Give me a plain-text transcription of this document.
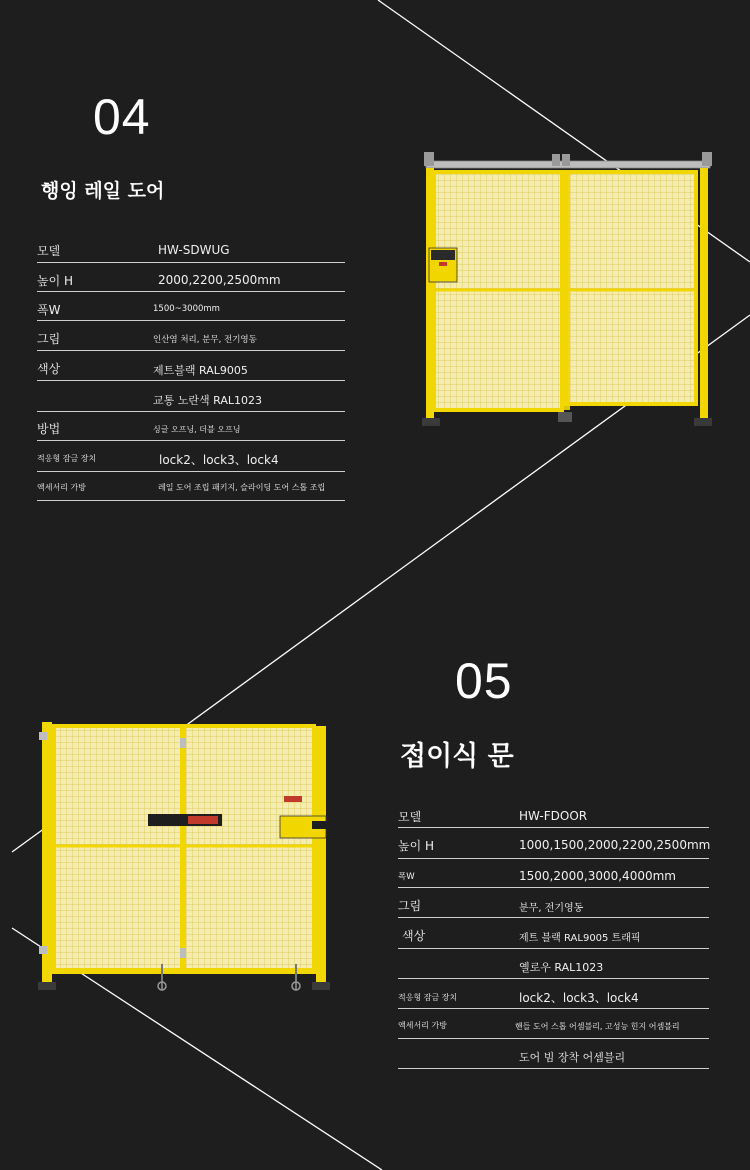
04
행잉 레일 도어
모델	HW-SDWUG
높이 H	2000,2200,2500mm
폭W	1500~3000mm
그림	인산염 처리, 분무, 전기영동
색상	제트블랙 RAL9005
교통 노란색 RAL1023
방법	싱글 오프닝, 더블 오프닝
적응형 잠금 장치	lock2、lock3、lock4
액세서리 가방	레일 도어 조립 패키지, 슬라이딩 도어 스톱 조립
05
접이식 문
모델	HW-FDOOR
높이 H	1000,1500,2000,2200,2500mm
폭W	1500,2000,3000,4000mm
그림	분무, 전기영동
색상	제트 블랙 RAL9005 트래픽
옐로우 RAL1023
적응형 잠금 장치	lock2、lock3、lock4
액세서리 가방	핸들 도어 스톱 어셈블리, 고성능 힌지 어셈블리
도어 빔 장착 어셈블리
